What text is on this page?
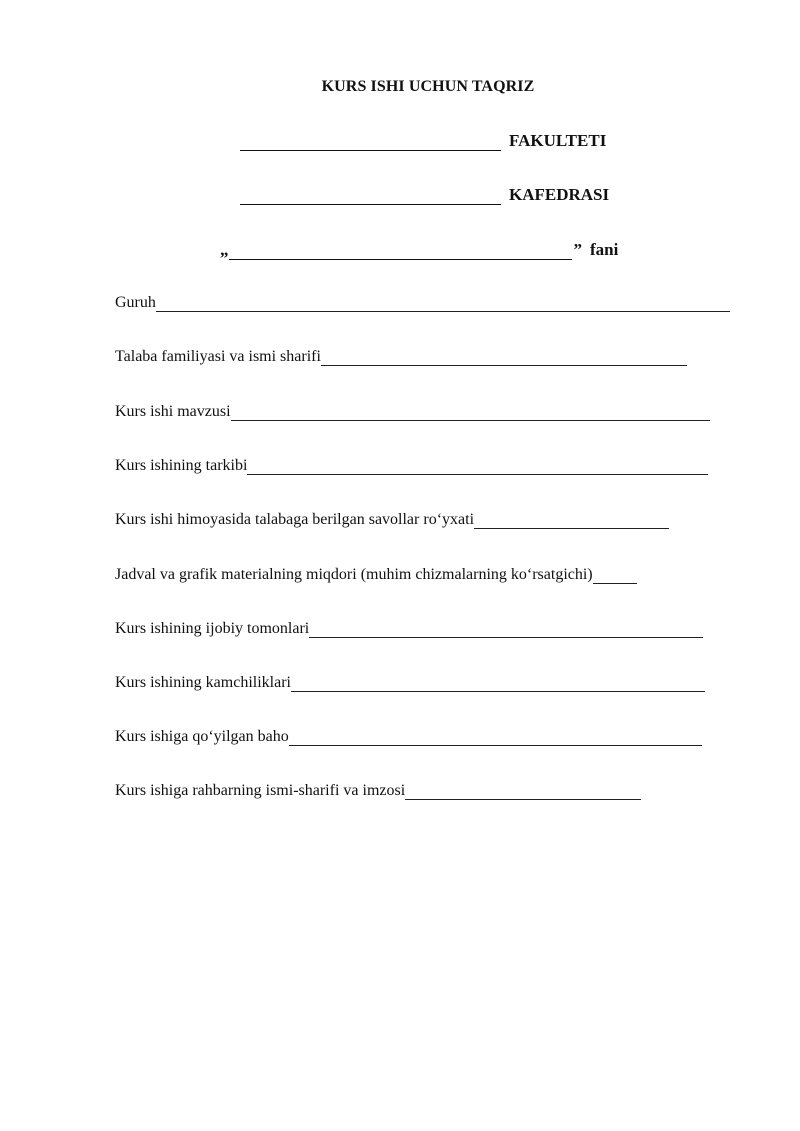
KURS ISHI UCHUN TAQRIZ
FAKULTETI
KAFEDRASI
„	” fani
Guruh
Talaba familiyasi va ismi sharifi
Kurs ishi mavzusi
Kurs ishining tarkibi
Kurs ishi himoyasida talabaga berilgan savollar ro‘yxati
Jadval va grafik materialning miqdori (muhim chizmalarning ko‘rsatgichi)
Kurs ishining ijobiy tomonlari
Kurs ishining kamchiliklari
Kurs ishiga qo‘yilgan baho
Kurs ishiga rahbarning ismi-sharifi va imzosi
